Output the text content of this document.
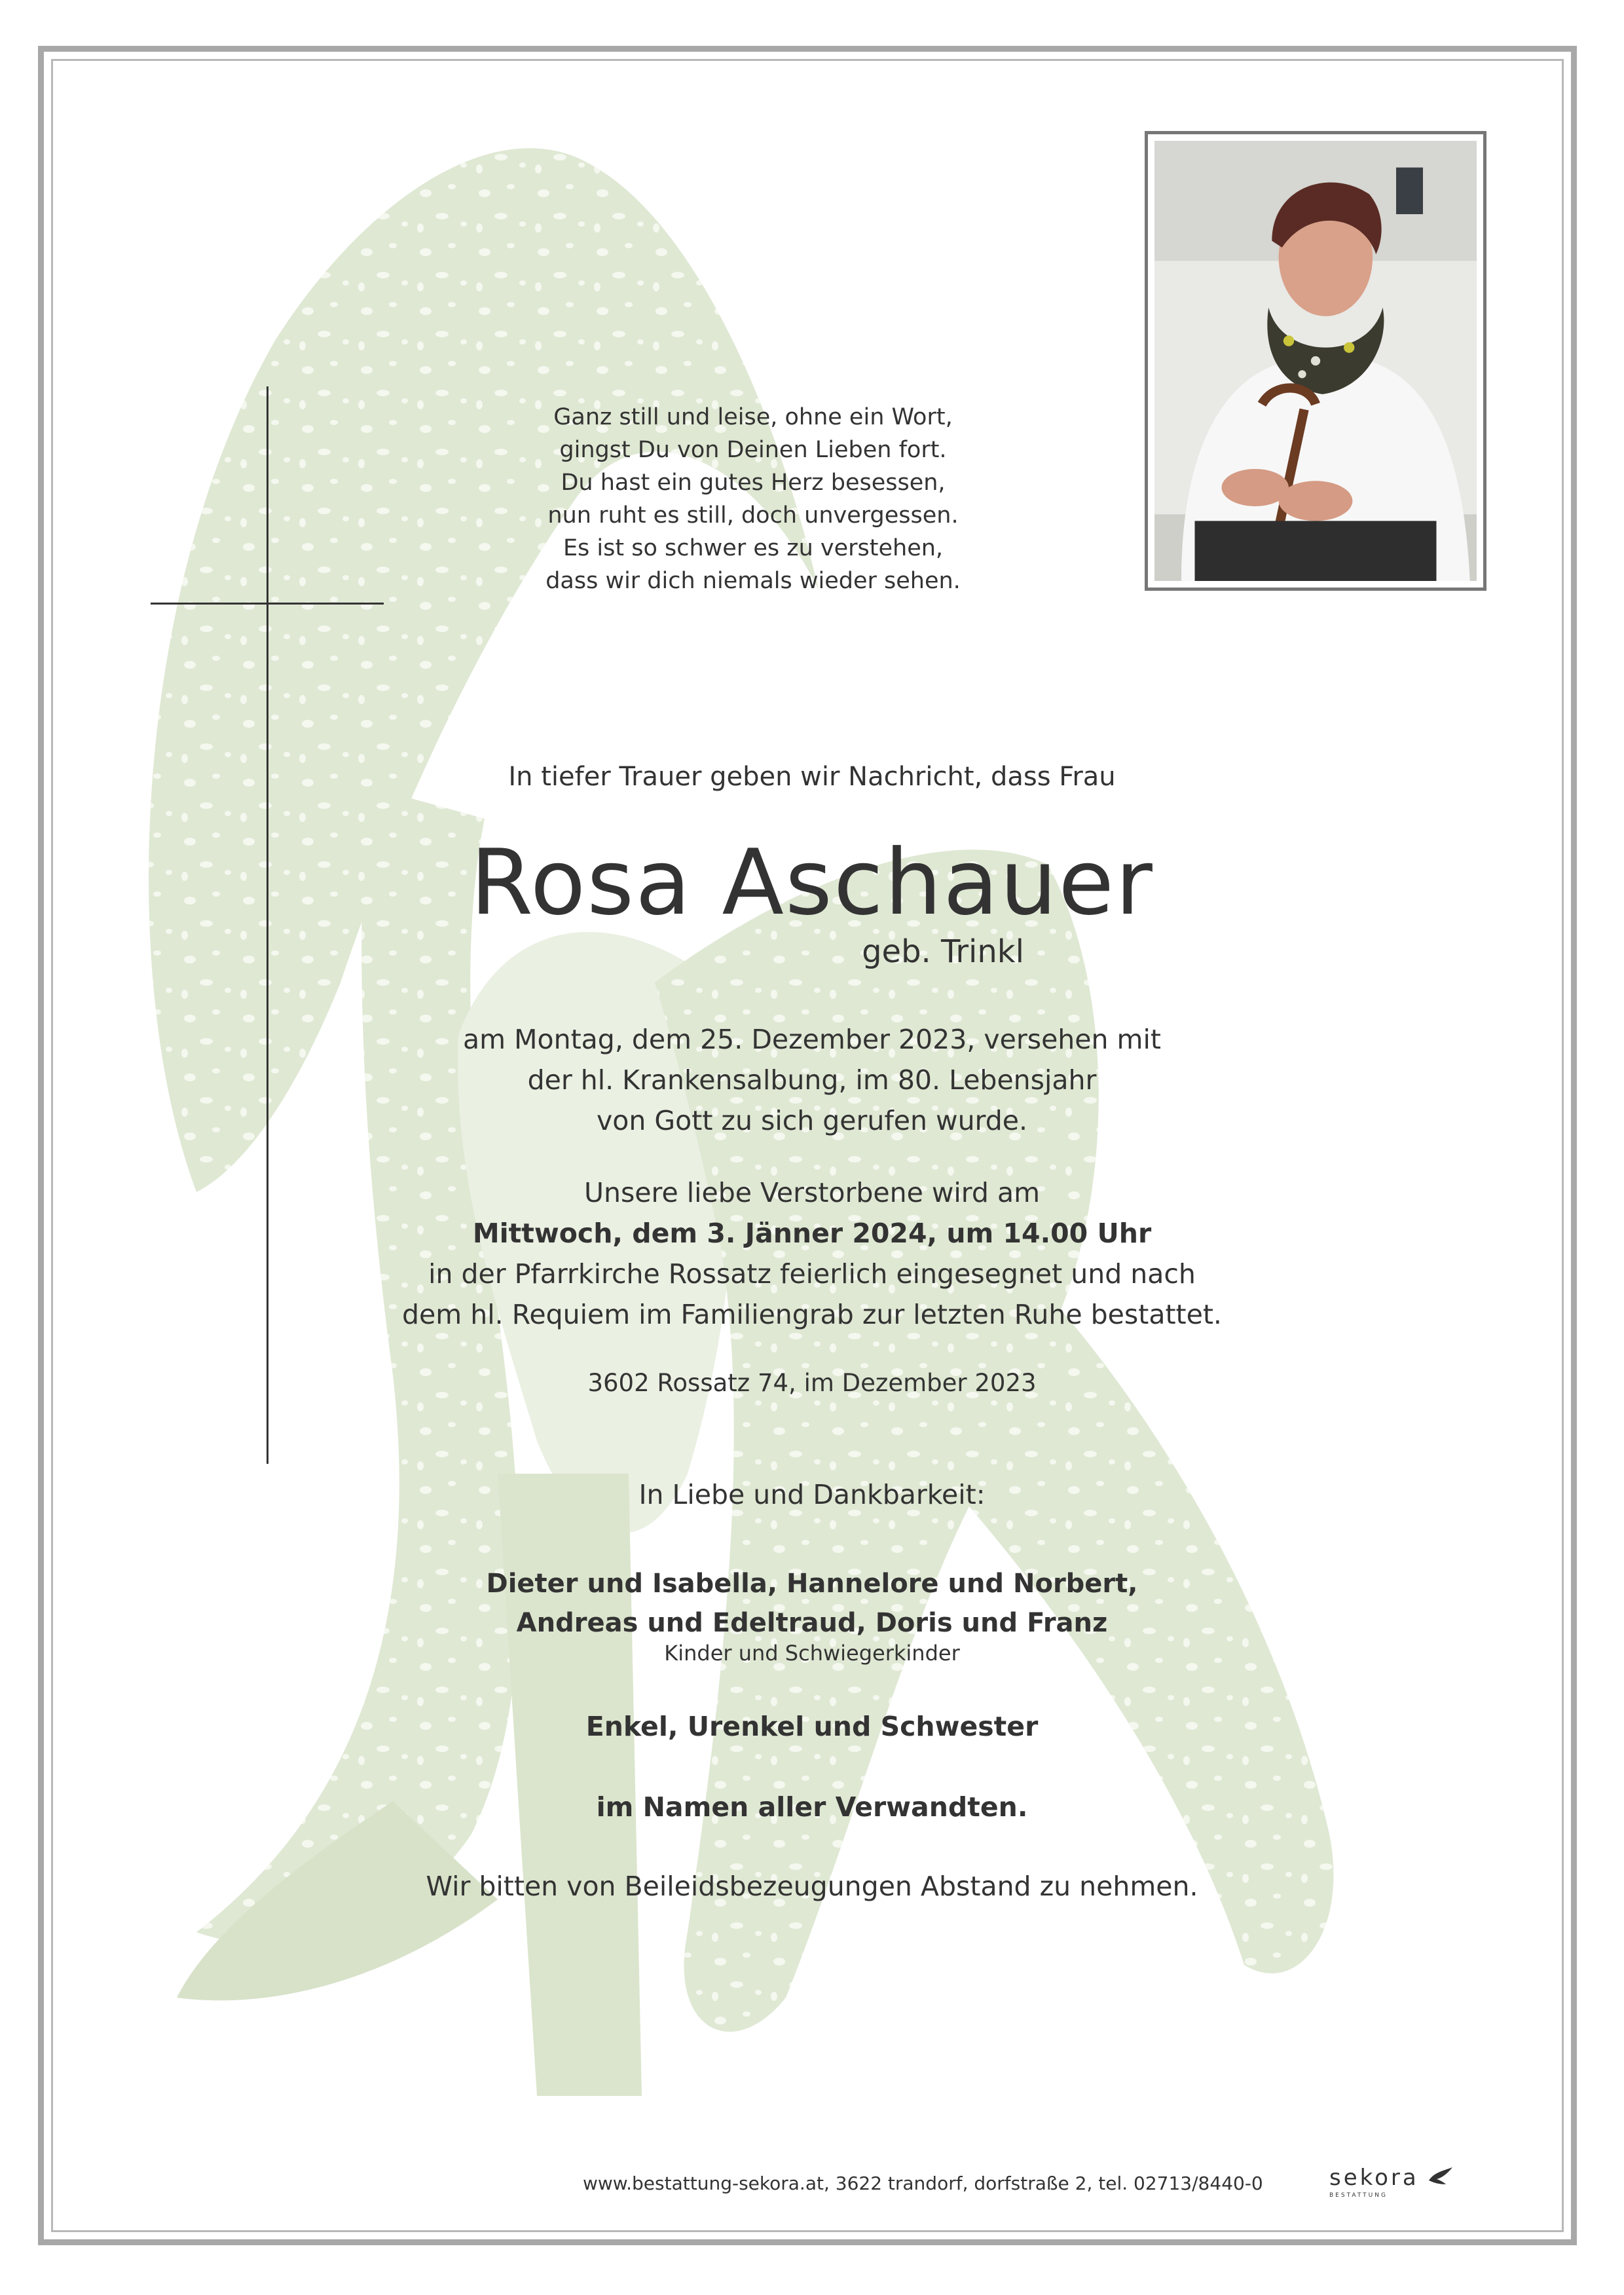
Ganz still und leise, ohne ein Wort,
gingst Du von Deinen Lieben fort.
Du hast ein gutes Herz besessen,
nun ruht es still, doch unvergessen.
Es ist so schwer es zu verstehen,
dass wir dich niemals wieder sehen.
In tiefer Trauer geben wir Nachricht, dass Frau
Rosa Aschauer
geb. Trinkl
am Montag, dem 25. Dezember 2023, versehen mit
der hl. Krankensalbung, im 80. Lebensjahr
von Gott zu sich gerufen wurde.
Unsere liebe Verstorbene wird am
Mittwoch, dem 3. Jänner 2024, um 14.00 Uhr
in der Pfarrkirche Rossatz feierlich eingesegnet und nach
dem hl. Requiem im Familiengrab zur letzten Ruhe bestattet.
3602 Rossatz 74, im Dezember 2023
In Liebe und Dankbarkeit:
Dieter und Isabella, Hannelore und Norbert,
Andreas und Edeltraud, Doris und Franz
Kinder und Schwiegerkinder
Enkel, Urenkel und Schwester
im Namen aller Verwandten.
Wir bitten von Beileidsbezeugungen Abstand zu nehmen.
www.bestattung-sekora.at, 3622 trandorf, dorfstraße 2, tel. 02713/8440-0	sekora
BESTATTUNG
